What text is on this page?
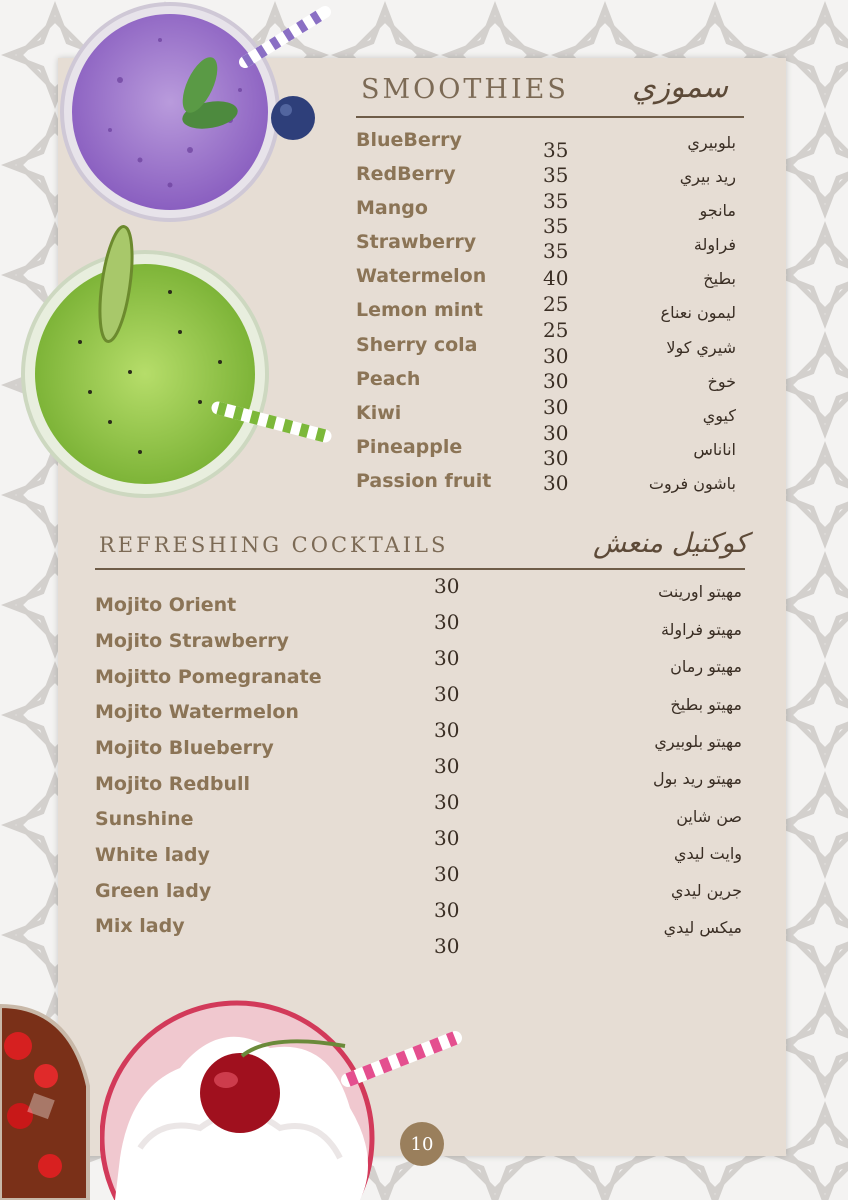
SMOOTHIES سموزي
BlueBerry
RedBerry
Mango
Strawberry
Watermelon
Lemon mint
Sherry cola
Peach
Kiwi
Pineapple
Passion fruit
35
35
35
35
35
40
25
25
30
30
30
30
30
30
بلوبيري
ريد بيري
مانجو
فراولة
بطيخ
ليمون نعناع
شيري كولا
خوخ
كيوي
اناناس
باشون فروت
REFRESHING COCKTAILS	كوكتيل منعش
Mojito Orient
Mojito Strawberry
Mojitto Pomegranate
Mojito Watermelon
Mojito Blueberry
Mojito Redbull
Sunshine
White lady
Green lady
Mix lady
30
30
30
30
30
30
30
30
30
30
30
مهيتو اورينت
مهيتو فراولة
مهيتو رمان
مهيتو بطيخ
مهيتو بلوبيري
مهيتو ريد بول
صن شاين
وايت ليدي
جرين ليدي
ميكس ليدي
10
